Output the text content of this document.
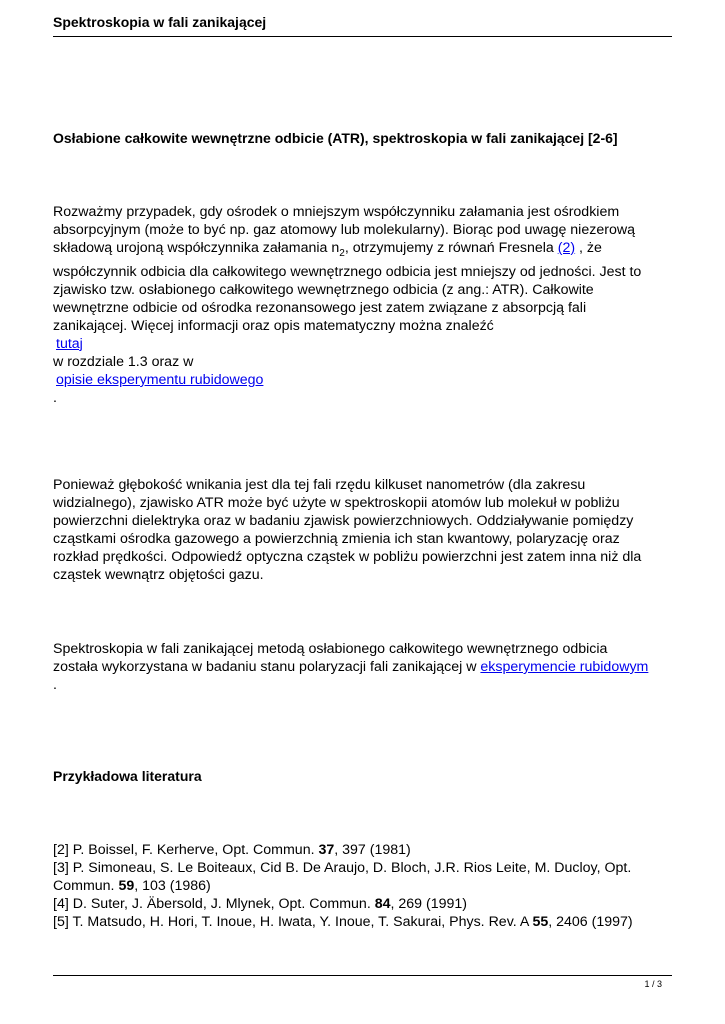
Spektroskopia w fali zanikającej
Osłabione całkowite wewnętrzne odbicie (ATR), spektroskopia w fali zanikającej [2-6]
Rozważmy przypadek, gdy ośrodek o mniejszym współczynniku załamania jest ośrodkiem
absorpcyjnym (może to być np. gaz atomowy lub molekularny). Biorąc pod uwagę niezerową
składową urojoną współczynnika załamania $n_2$, otrzymujemy z równań Fresnela (2) , że
współczynnik odbicia dla całkowitego wewnętrznego odbicia jest mniejszy od jedności. Jest to
zjawisko tzw. osłabionego całkowitego wewnętrznego odbicia (z ang.: ATR). Całkowite
wewnętrzne odbicie od ośrodka rezonansowego jest zatem związane z absorpcją fali
zanikającej. Więcej informacji oraz opis matematyczny można znaleźć
tutaj
w rozdziale 1.3 oraz w
opisie eksperymentu rubidowego
.
Ponieważ głębokość wnikania jest dla tej fali rzędu kilkuset nanometrów (dla zakresu
widzialnego), zjawisko ATR może być użyte w spektroskopii atomów lub molekuł w pobliżu
powierzchni dielektryka oraz w badaniu zjawisk powierzchniowych. Oddziaływanie pomiędzy
cząstkami ośrodka gazowego a powierzchnią zmienia ich stan kwantowy, polaryzację oraz
rozkład prędkości. Odpowiedź optyczna cząstek w pobliżu powierzchni jest zatem inna niż dla
cząstek wewnątrz objętości gazu.
Spektroskopia w fali zanikającej metodą osłabionego całkowitego wewnętrznego odbicia
została wykorzystana w badaniu stanu polaryzacji fali zanikającej w eksperymencie rubidowym
.
Przykładowa literatura
[2] P. Boissel, F. Kerherve, Opt. Commun. 37, 397 (1981)
[3] P. Simoneau, S. Le Boiteaux, Cid B. De Araujo, D. Bloch, J.R. Rios Leite, M. Ducloy, Opt.
Commun. 59, 103 (1986)
[4] D. Suter, J. Äbersold, J. Mlynek, Opt. Commun. 84, 269 (1991)
[5] T. Matsudo, H. Hori, T. Inoue, H. Iwata, Y. Inoue, T. Sakurai, Phys. Rev. A 55, 2406 (1997)
1 / 3
